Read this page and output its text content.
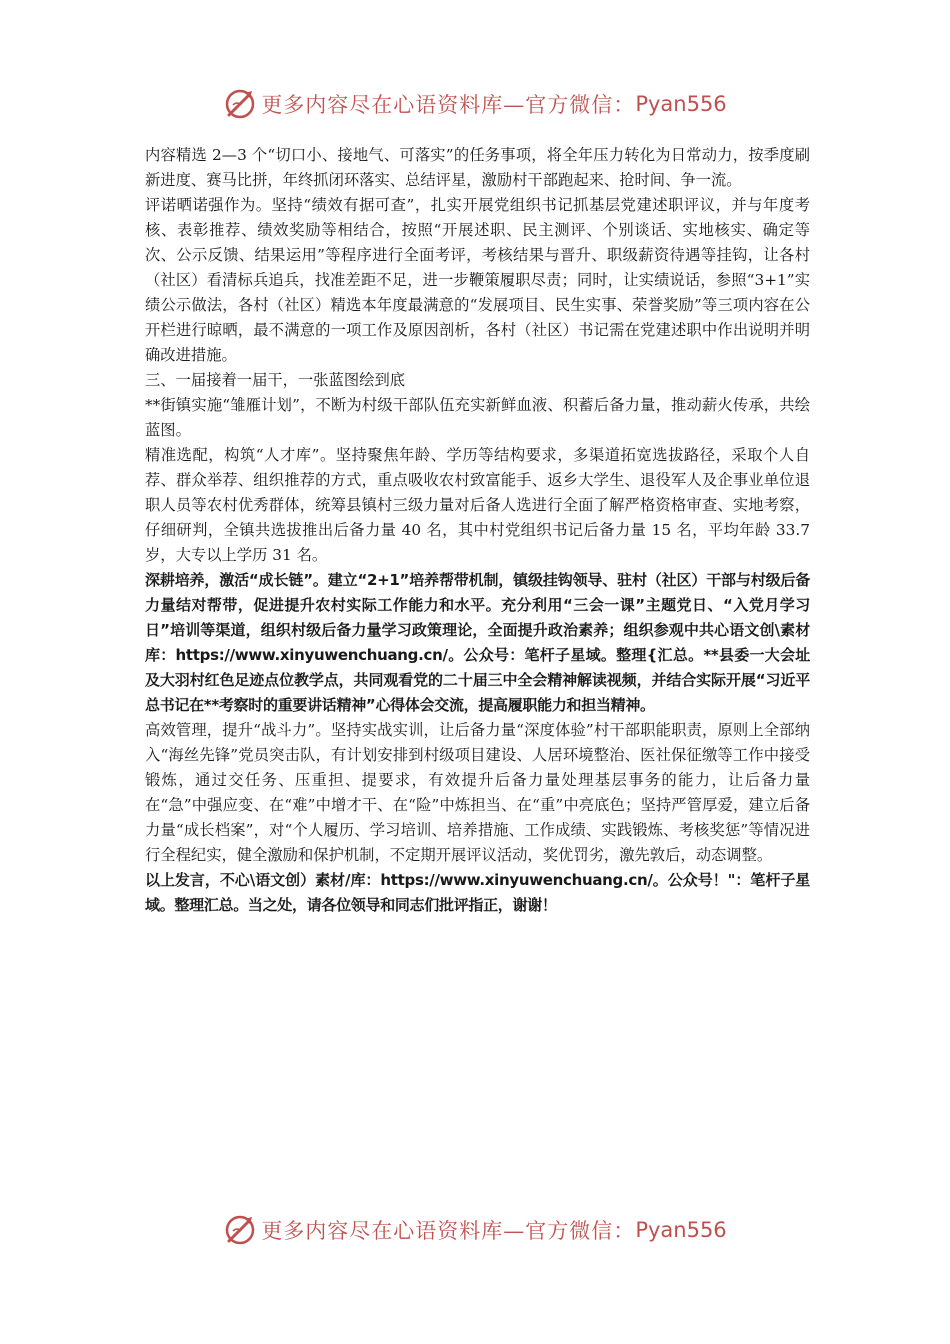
更多内容尽在心语资料库—官方微信： Pyan556

内容精选 2—3 个“切口小、接地气、可落实”的任务事项，将全年压力转化为日常动力，按季度刷新进度、赛马比拼，年终抓闭环落实、总结评星，激励村干部跑起来、抢时间、争一流。

评诺晒诺强作为。坚持“绩效有据可查”，扎实开展党组织书记抓基层党建述职评议，并与年度考核、表彰推荐、绩效奖励等相结合，按照“开展述职、民主测评、个别谈话、实地核实、确定等次、公示反馈、结果运用”等程序进行全面考评，考核结果与晋升、职级薪资待遇等挂钩，让各村（社区）看清标兵追兵，找准差距不足，进一步鞭策履职尽责；同时，让实绩说话，参照“3+1”实绩公示做法，各村（社区）精选本年度最满意的“发展项目、民生实事、荣誉奖励”等三项内容在公开栏进行晾晒，最不满意的一项工作及原因剖析，各村（社区）书记需在党建述职中作出说明并明确改进措施。

三、一届接着一届干，一张蓝图绘到底

**街镇实施“雏雁计划”，不断为村级干部队伍充实新鲜血液、积蓄后备力量，推动薪火传承，共绘蓝图。

精准选配，构筑“人才库”。坚持聚焦年龄、学历等结构要求，多渠道拓宽选拔路径，采取个人自荐、群众举荐、组织推荐的方式，重点吸收农村致富能手、返乡大学生、退役军人及企事业单位退职人员等农村优秀群体，统筹县镇村三级力量对后备人选进行全面了解严格资格审查、实地考察，仔细研判，全镇共选拔推出后备力量 40 名，其中村党组织书记后备力量 15 名，平均年龄 33.7 岁，大专以上学历 31 名。

深耕培养，激活“成长链”。建立“2+1”培养帮带机制，镇级挂钩领导、驻村（社区）干部与村级后备力量结对帮带，促进提升农村实际工作能力和水平。充分利用“三会一课”主题党日、“入党月学习日”培训等渠道，组织村级后备力量学习政策理论，全面提升政治素养；组织参观中共心语文创\素材库：https://www.xinyuwenchuang.cn/。公众号：笔杆子星域。整理{汇总。**县委一大会址及大羽村红色足迹点位教学点，共同观看党的二十届三中全会精神解读视频，并结合实际开展“习近平总书记在**考察时的重要讲话精神”心得体会交流，提高履职能力和担当精神。

高效管理，提升“战斗力”。坚持实战实训，让后备力量“深度体验”村干部职能职责，原则上全部纳入“海丝先锋”党员突击队，有计划安排到村级项目建设、人居环境整治、医社保征缴等工作中接受锻炼，通过交任务、压重担、提要求，有效提升后备力量处理基层事务的能力，让后备力量在“急”中强应变、在“难”中增才干、在“险”中炼担当、在“重”中亮底色；坚持严管厚爱，建立后备力量“成长档案”，对“个人履历、学习培训、培养措施、工作成绩、实践锻炼、考核奖惩”等情况进行全程纪实，健全激励和保护机制，不定期开展评议活动，奖优罚劣，激先敦后，动态调整。

以上发言，不心\语文创）素材/库：https://www.xinyuwenchuang.cn/。公众号！"：笔杆子星域。整理汇总。当之处，请各位领导和同志们批评指正，谢谢！

更多内容尽在心语资料库—官方微信： Pyan556
